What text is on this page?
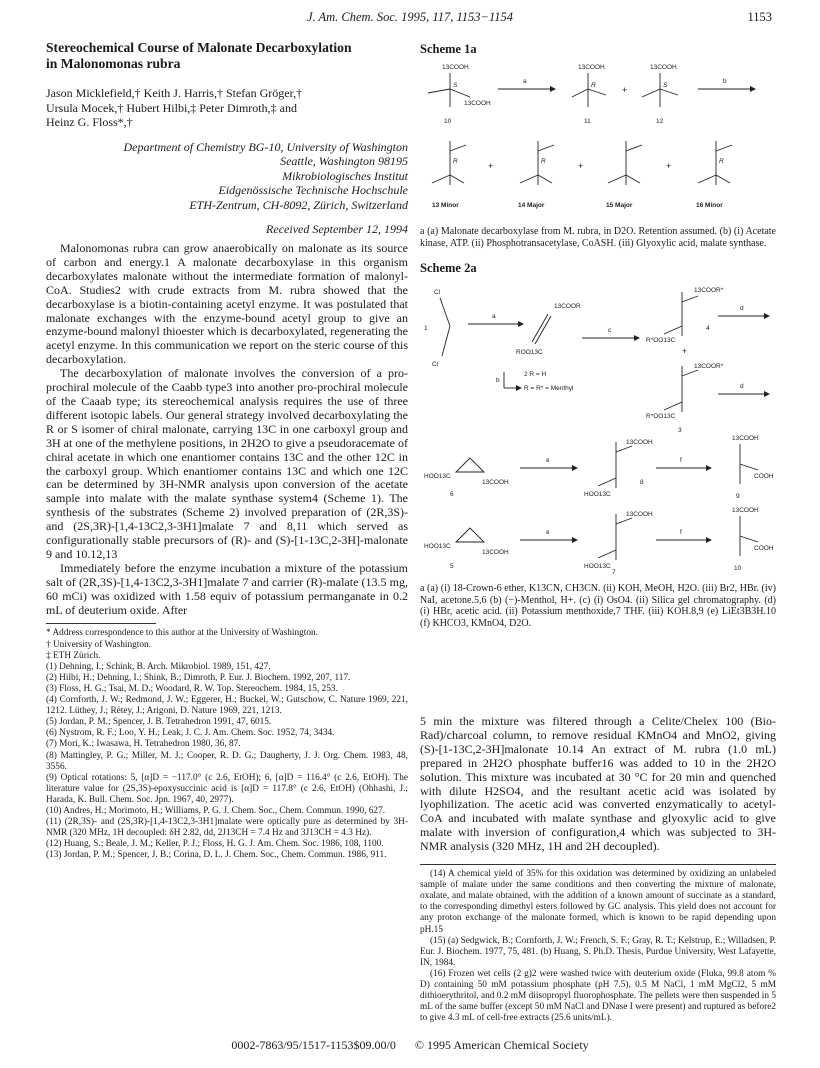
J. Am. Chem. Soc. 1995, 117, 1153−1154	1153
Stereochemical Course of Malonate Decarboxylation
in Malonomonas rubra
Jason Micklefield,† Keith J. Harris,† Stefan Gröger,†
Ursula Mocek,† Hubert Hilbi,‡ Peter Dimroth,‡ and
Heinz G. Floss*,†
Department of Chemistry BG-10, University of Washington
Seattle, Washington 98195
Mikrobiologisches Institut
Eidgenössische Technische Hochschule
ETH-Zentrum, CH-8092, Zürich, Switzerland
Received September 12, 1994

Malonomonas rubra can grow anaerobically on malonate as its source of carbon and energy.1 A malonate decarboxylase in this organism decarboxylates malonate without the intermediate formation of malonyl-CoA. Studies2 with crude extracts from M. rubra showed that the decarboxylase is a biotin-containing acetyl enzyme. It was postulated that malonate exchanges with the enzyme-bound acetyl group to give an enzyme-bound malonyl thioester which is decarboxylated, regenerating the acetyl enzyme. In this communication we report on the steric course of this decarboxylation.

The decarboxylation of malonate involves the conversion of a pro-prochiral molecule of the Caabb type3 into another pro-prochiral molecule of the Caaab type; its stereochemical analysis requires the use of three different isotopic labels. Our general strategy involved decarboxylating the R or S isomer of chiral malonate, carrying 13C in one carboxyl group and 3H at one of the methylene positions, in 2H2O to give a pseudoracemate of chiral acetate in which one enantiomer contains 13C and the other 12C in the carboxyl group. Which enantiomer contains 13C and which one 12C can be determined by 3H-NMR analysis upon conversion of the acetate sample into malate with the malate synthase system4 (Scheme 1). The synthesis of the substrates (Scheme 2) involved preparation of (2R,3S)- and (2S,3R)-[1,4-13C2,3-3H1]malate 7 and 8,11 which served as configurationally stable precursors of (R)- and (S)-[1-13C,2-3H]-malonate 9 and 10.12,13

Immediately before the enzyme incubation a mixture of the potassium salt of (2R,3S)-[1,4-13C2,3-3H1]malate 7 and carrier (R)-malate (13.5 mg, 60 mCi) was oxidized with 1.58 equiv of potassium permanganate in 0.2 mL of deuterium oxide. After

* Address correspondence to this author at the University of Washington.

† University of Washington.

‡ ETH Zürich.

(1) Dehning, I.; Schink, B. Arch. Mikrobiol. 1989, 151, 427.

(2) Hilbi, H.; Dehning, I.; Shink, B.; Dimroth, P. Eur. J. Biochem. 1992, 207, 117.

(3) Floss, H. G.; Tsai, M. D.; Woodard, R. W. Top. Stereochem. 1984, 15, 253.

(4) Cornforth, J. W.; Redmond, J. W.; Eggerer, H.; Buckel, W.; Gutschow, C. Nature 1969, 221, 1212. Lüthey, J.; Rétey, J.; Arigoni, D. Nature 1969, 221, 1213.

(5) Jordan, P. M.; Spencer, J. B. Tetrahedron 1991, 47, 6015.

(6) Nystrom, R. F.; Loo, Y. H.; Leak, J. C. J. Am. Chem. Soc. 1952, 74, 3434.

(7) Mori, K.; Iwasawa, H. Tetrahedron 1980, 36, 87.

(8) Mattingley, P. G.; Miller, M. J.; Cooper, R. D. G.; Daugherty, J. J. Org. Chem. 1983, 48, 3556.

(9) Optical rotations: 5, [α]D = −117.0° (c 2.6, EtOH); 6, [α]D = 116.4° (c 2.6, EtOH). The literature value for (2S,3S)-epoxysuccinic acid is [α]D = 117.8° (c 2.6, EtOH) (Ohhashi, J.; Harada, K. Bull. Chem. Soc. Jpn. 1967, 40, 2977).

(10) Andres, H.; Morimoto, H.; Williams, P. G. J. Chem. Soc., Chem. Commun. 1990, 627.

(11) (2R,3S)- and (2S,3R)-[1,4-13C2,3-3H1]malate were optically pure as determined by 3H-NMR (320 MHz, 1H decoupled: δH 2.82, dd, 2J13CH = 7.4 Hz and 3J13CH = 4.3 Hz).

(12) Huang, S.; Beale, J. M.; Keller, P. J.; Floss, H. G. J. Am. Chem. Soc. 1986, 108, 1100.

(13) Jordan, P. M.; Spencer, J. B.; Corina, D. L. J. Chem. Soc., Chem. Commun. 1986, 911.

Scheme 1a
13COOH
13COOH
S
10
a
13COOH
R
11
+
13COOH
S
12
b
R
13 Minor
+	R
14 Major
+
15 Major
+	R
16 Minor

a (a) Malonate decarboxylase from M. rubra, in D2O. Retention assumed. (b) (i) Acetate kinase, ATP. (ii) Phosphotransacetylase, CoASH. (iii) Glyoxylic acid, malate synthase.

Scheme 2a
Cl
Cl
1
a
13COOR
ROO13C
b
2 R = H
R = R* = Menthyl
c
13COOR*
R*OO13C
4
d
+
13COOR*
R*OO13C
3
d
HOO13C
13COOH
6
e
13COOH
HOO13C
8
f
13COOH
COOH
9
HOO13C
13COOH
5
e
13COOH
HOO13C
7
f
13COOH
COOH
10

a (a) (i) 18-Crown-6 ether, K13CN, CH3CN. (ii) KOH, MeOH, H2O. (iii) Br2, HBr. (iv) NaI, acetone.5,6 (b) (−)-Menthol, H+. (c) (i) OsO4. (ii) Silica gel chromatography. (d) (i) HBr, acetic acid. (ii) Potassium menthoxide,7 THF. (iii) KOH.8,9 (e) LiEt3B3H.10 (f) KHCO3, KMnO4, D2O.

5 min the mixture was filtered through a Celite/Chelex 100 (Bio-Rad)/charcoal column, to remove residual KMnO4 and MnO2, giving (S)-[1-13C,2-3H]malonate 10.14 An extract of M. rubra (1.0 mL) prepared in 2H2O phosphate buffer16 was added to 10 in the 2H2O solution. This mixture was incubated at 30 °C for 20 min and quenched with dilute H2SO4, and the resultant acetic acid was isolated by lyophilization. The acetic acid was converted enzymatically to acetyl-CoA and incubated with malate synthase and glyoxylic acid to give malate with inversion of configuration,4 which was subjected to 3H-NMR analysis (320 MHz, 1H and 2H decoupled).

(14) A chemical yield of 35% for this oxidation was determined by oxidizing an unlabeled sample of malate under the same conditions and then converting the mixture of malonate, oxalate, and malate obtained, with the addition of a known amount of succinate as a standard, to the corresponding dimethyl esters followed by GC analysis. This yield does not account for any proton exchange of the malonate formed, which is known to be rapid depending upon pH.15

(15) (a) Sedgwick, B.; Cornforth, J. W.; French, S. F.; Gray, R. T.; Kelstrup, E.; Willadsen, P. Eur. J. Biochem. 1977, 75, 481. (b) Huang, S. Ph.D. Thesis, Purdue University, West Lafayette, IN, 1984.

(16) Frozen wet cells (2 g)2 were washed twice with deuterium oxide (Fluka, 99.8 atom % D) containing 50 mM potassium phosphate (pH 7.5), 0.5 M NaCl, 1 mM MgCl2, 5 mM dithioerythritol, and 0.2 mM diisopropyl fluorophosphate. The pellets were then suspended in 5 mL of the same buffer (except 50 mM NaCl and DNase I were present) and ruptured as before2 to give 4.3 mL of cell-free extracts (25.6 units/mL).

0002-7863/95/1517-1153$09.00/0 © 1995 American Chemical Society
